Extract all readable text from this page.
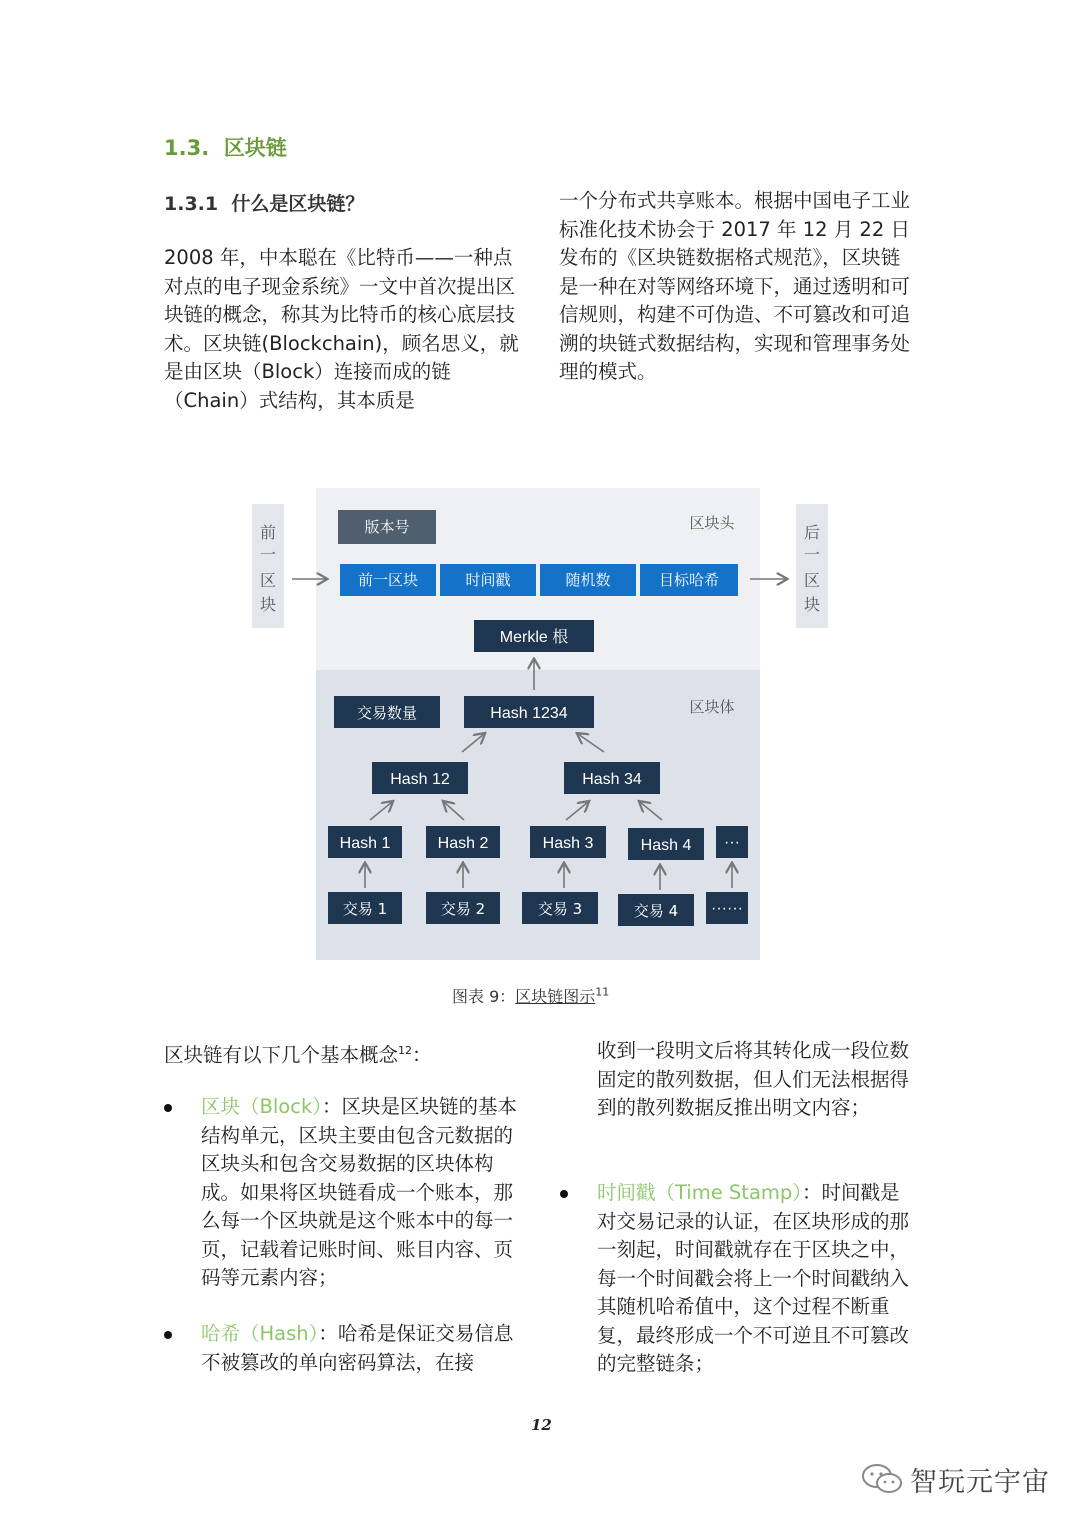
1.3. 区块链
1.3.1 什么是区块链？
2008 年，中本聪在《比特币——一种点对点的电子现金系统》一文中首次提出区块链的概念，称其为比特币的核心底层技术。区块链(Blockchain)，顾名思义，就是由区块（Block）连接而成的链（Chain）式结构，其本质是
一个分布式共享账本。根据中国电子工业标准化技术协会于 2017 年 12 月 22 日发布的《区块链数据格式规范》，区块链是一种在对等网络环境下，通过透明和可信规则，构建不可伪造、不可篡改和可追溯的块链式数据结构，实现和管理事务处理的模式。
前
一
区
块
后
一
区
块
区块头
区块体
版本号
前一区块	时间戳	随机数	目标哈希
Merkle 根
交易数量	Hash 1234
Hash 12	Hash 34
Hash 1	Hash 2	Hash 3	Hash 4 ···
交易 1	交易 2	交易 3	交易 4 ······
图表 9：区块链图示$^{11}$
区块链有以下几个基本概念$^{12}$：
区块（Block）：区块是区块链的基本结构单元，区块主要由包含元数据的区块头和包含交易数据的区块体构成。如果将区块链看成一个账本，那么每一个区块就是这个账本中的每一页，记载着记账时间、账目内容、页码等元素内容；
哈希（Hash）：哈希是保证交易信息不被篡改的单向密码算法，在接
收到一段明文后将其转化成一段位数固定的散列数据，但人们无法根据得到的散列数据反推出明文内容；
时间戳（Time Stamp）：时间戳是对交易记录的认证，在区块形成的那一刻起，时间戳就存在于区块之中，每一个时间戳会将上一个时间戳纳入其随机哈希值中，这个过程不断重复，最终形成一个不可逆且不可篡改的完整链条；
12
智玩元宇宙
